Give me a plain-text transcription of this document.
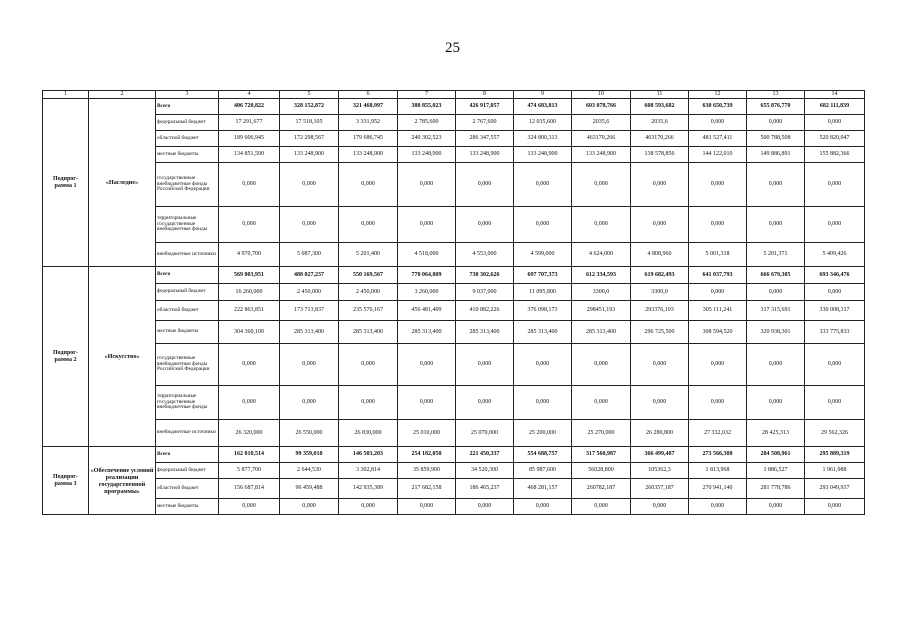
25
1	2	3	4	5	6	7	8	9	10	11	12	13	14
Подпрог-
рамма 1	«Наследие»	Всего	406 720,822	328 152,872	321 468,997	380 855,023	426 917,057	474 683,813	603 078,766	608 593,682	630 650,739	655 876,770	682 111,839
		федеральный бюджет	17 291,677	17 518,105	3 331,952	2 785,600	2 767,600	12 035,600	2035,6	2035,6	0,000	0,000	0,000
		областной бюджет	189 606,945	172 298,567	179 686,745	240 302,523	286 347,557	324 800,313	463170,266	463170,266	481 527,411	500 788,508	520 820,047
		местные бюджеты	134 851,500	133 248,900	133 248,900	133 248,900	133 248,900	133 248,900	133 248,900	138 578,856	144 122,010	149 886,891	155 882,366
		государственные внебюджетные фонды Российской Федерации	0,000	0,000	0,000	0,000	0,000	0,000	0,000	0,000	0,000	0,000	0,000
		территориальные государственные внебюджетные фонды	0,000	0,000	0,000	0,000	0,000	0,000	0,000	0,000	0,000	0,000	0,000
		внебюджетные источники	4 970,700	5 087,300	5 201,400	4 518,000	4 553,000	4 599,000	4 624,000	4 808,960	5 001,318	5 201,371	5 409,426
Подпрог-
рамма 2	«Искусство»	Всего	569 803,951	488 027,237	550 169,567	770 064,809	730 302,626	697 707,373	612 334,593	619 682,493	641 037,793	666 679,305	693 346,476
		федеральный бюджет	16 260,000	2 450,000	2 450,000	3 260,000	9 037,000	11 095,800	3300,0	3300,0	0,000	0,000	0,000
		областной бюджет	222 863,851	173 713,837	235 576,167	456 481,409	410 882,226	376 098,173	298451,193	293376,193	305 111,241	317 315,691	330 008,317
		местные бюджеты	304 360,100	285 313,400	285 313,400	285 313,400	285 313,400	285 313,400	285 313,400	296 725,500	308 594,520	320 938,301	333 775,833
		государственные внебюджетные фонды Российской Федерации	0,000	0,000	0,000	0,000	0,000	0,000	0,000	0,000	0,000	0,000	0,000
		территориальные государственные внебюджетные фонды	0,000	0,000	0,000	0,000	0,000	0,000	0,000	0,000	0,000	0,000	0,000
		внебюджетные источники	26 320,000	26 550,000	26 830,000	25 010,000	25 070,000	25 200,000	25 270,000	26 280,800	27 332,032	28 425,313	29 562,326
Подпрог-
рамма 3	«Обеспечение условий реализации государственной программы»	Всего	162 810,514	99 359,018	146 503,203	254 182,058	221 450,337	554 688,757	317 560,987	366 499,487	273 566,308	284 508,961	295 889,319
		федеральный бюджет	5 877,700	2 644,530	3 302,814	35 859,900	34 520,300	85 987,600	56028,800	105362,3	1 813,968	1 886,527	1 961,988
		областной бюджет	156 687,814	96 459,488	142 935,389	217 682,158	186 465,237	468 281,157	260782,187	260357,187	270 941,140	281 778,786	293 049,937
		местные бюджеты	0,000	0,000	0,000	0,000	0,000	0,000	0,000	0,000	0,000	0,000	0,000
